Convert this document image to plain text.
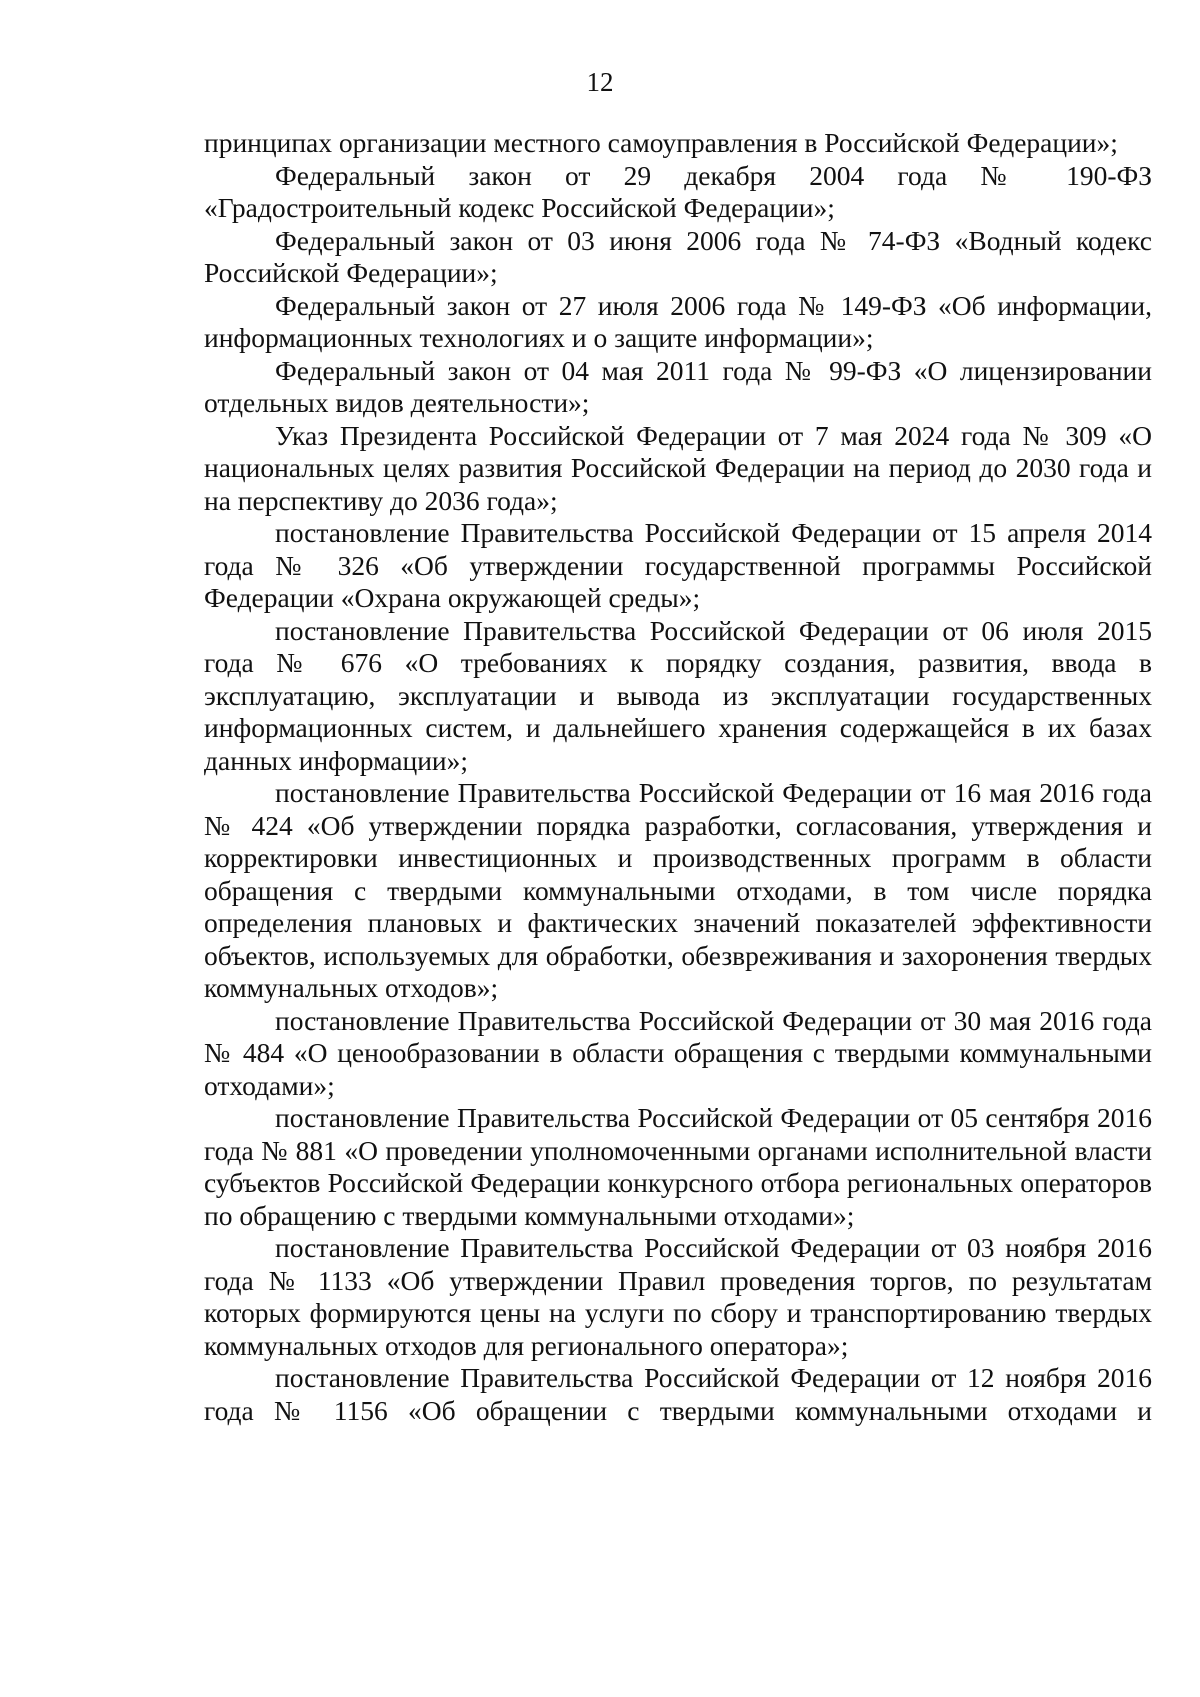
12

принципах организации местного самоуправления в Российской Федерации»;

Федеральный закон от 29 декабря 2004 года № 190-ФЗ «Градостроительный кодекс Российской Федерации»;

Федеральный закон от 03 июня 2006 года № 74-ФЗ «Водный кодекс Российской Федерации»;

Федеральный закон от 27 июля 2006 года № 149-ФЗ «Об информации, информационных технологиях и о защите информации»;

Федеральный закон от 04 мая 2011 года № 99-ФЗ «О лицензировании отдельных видов деятельности»;

Указ Президента Российской Федерации от 7 мая 2024 года № 309 «О национальных целях развития Российской Федерации на период до 2030 года и на перспективу до 2036 года»;

постановление Правительства Российской Федерации от 15 апреля 2014 года № 326 «Об утверждении государственной программы Российской Федерации «Охрана окружающей среды»;

постановление Правительства Российской Федерации от 06 июля 2015 года № 676 «О требованиях к порядку создания, развития, ввода в эксплуатацию, эксплуатации и вывода из эксплуатации государственных информационных систем, и дальнейшего хранения содержащейся в их базах данных информации»;

постановление Правительства Российской Федерации от 16 мая 2016 года № 424 «Об утверждении порядка разработки, согласования, утверждения и корректировки инвестиционных и производственных программ в области обращения с твердыми коммунальными отходами, в том числе порядка определения плановых и фактических значений показателей эффективности объектов, используемых для обработки, обезвреживания и захоронения твердых коммунальных отходов»;

постановление Правительства Российской Федерации от 30 мая 2016 года № 484 «О ценообразовании в области обращения с твердыми коммунальными отходами»;

постановление Правительства Российской Федерации от 05 сентября 2016 года № 881 «О проведении уполномоченными органами исполнительной власти субъектов Российской Федерации конкурсного отбора региональных операторов по обращению с твердыми коммунальными отходами»;

постановление Правительства Российской Федерации от 03 ноября 2016 года № 1133 «Об утверждении Правил проведения торгов, по результатам которых формируются цены на услуги по сбору и транспортированию твердых коммунальных отходов для регионального оператора»;

постановление Правительства Российской Федерации от 12 ноября 2016 года № 1156 «Об обращении с твердыми коммунальными отходами и
